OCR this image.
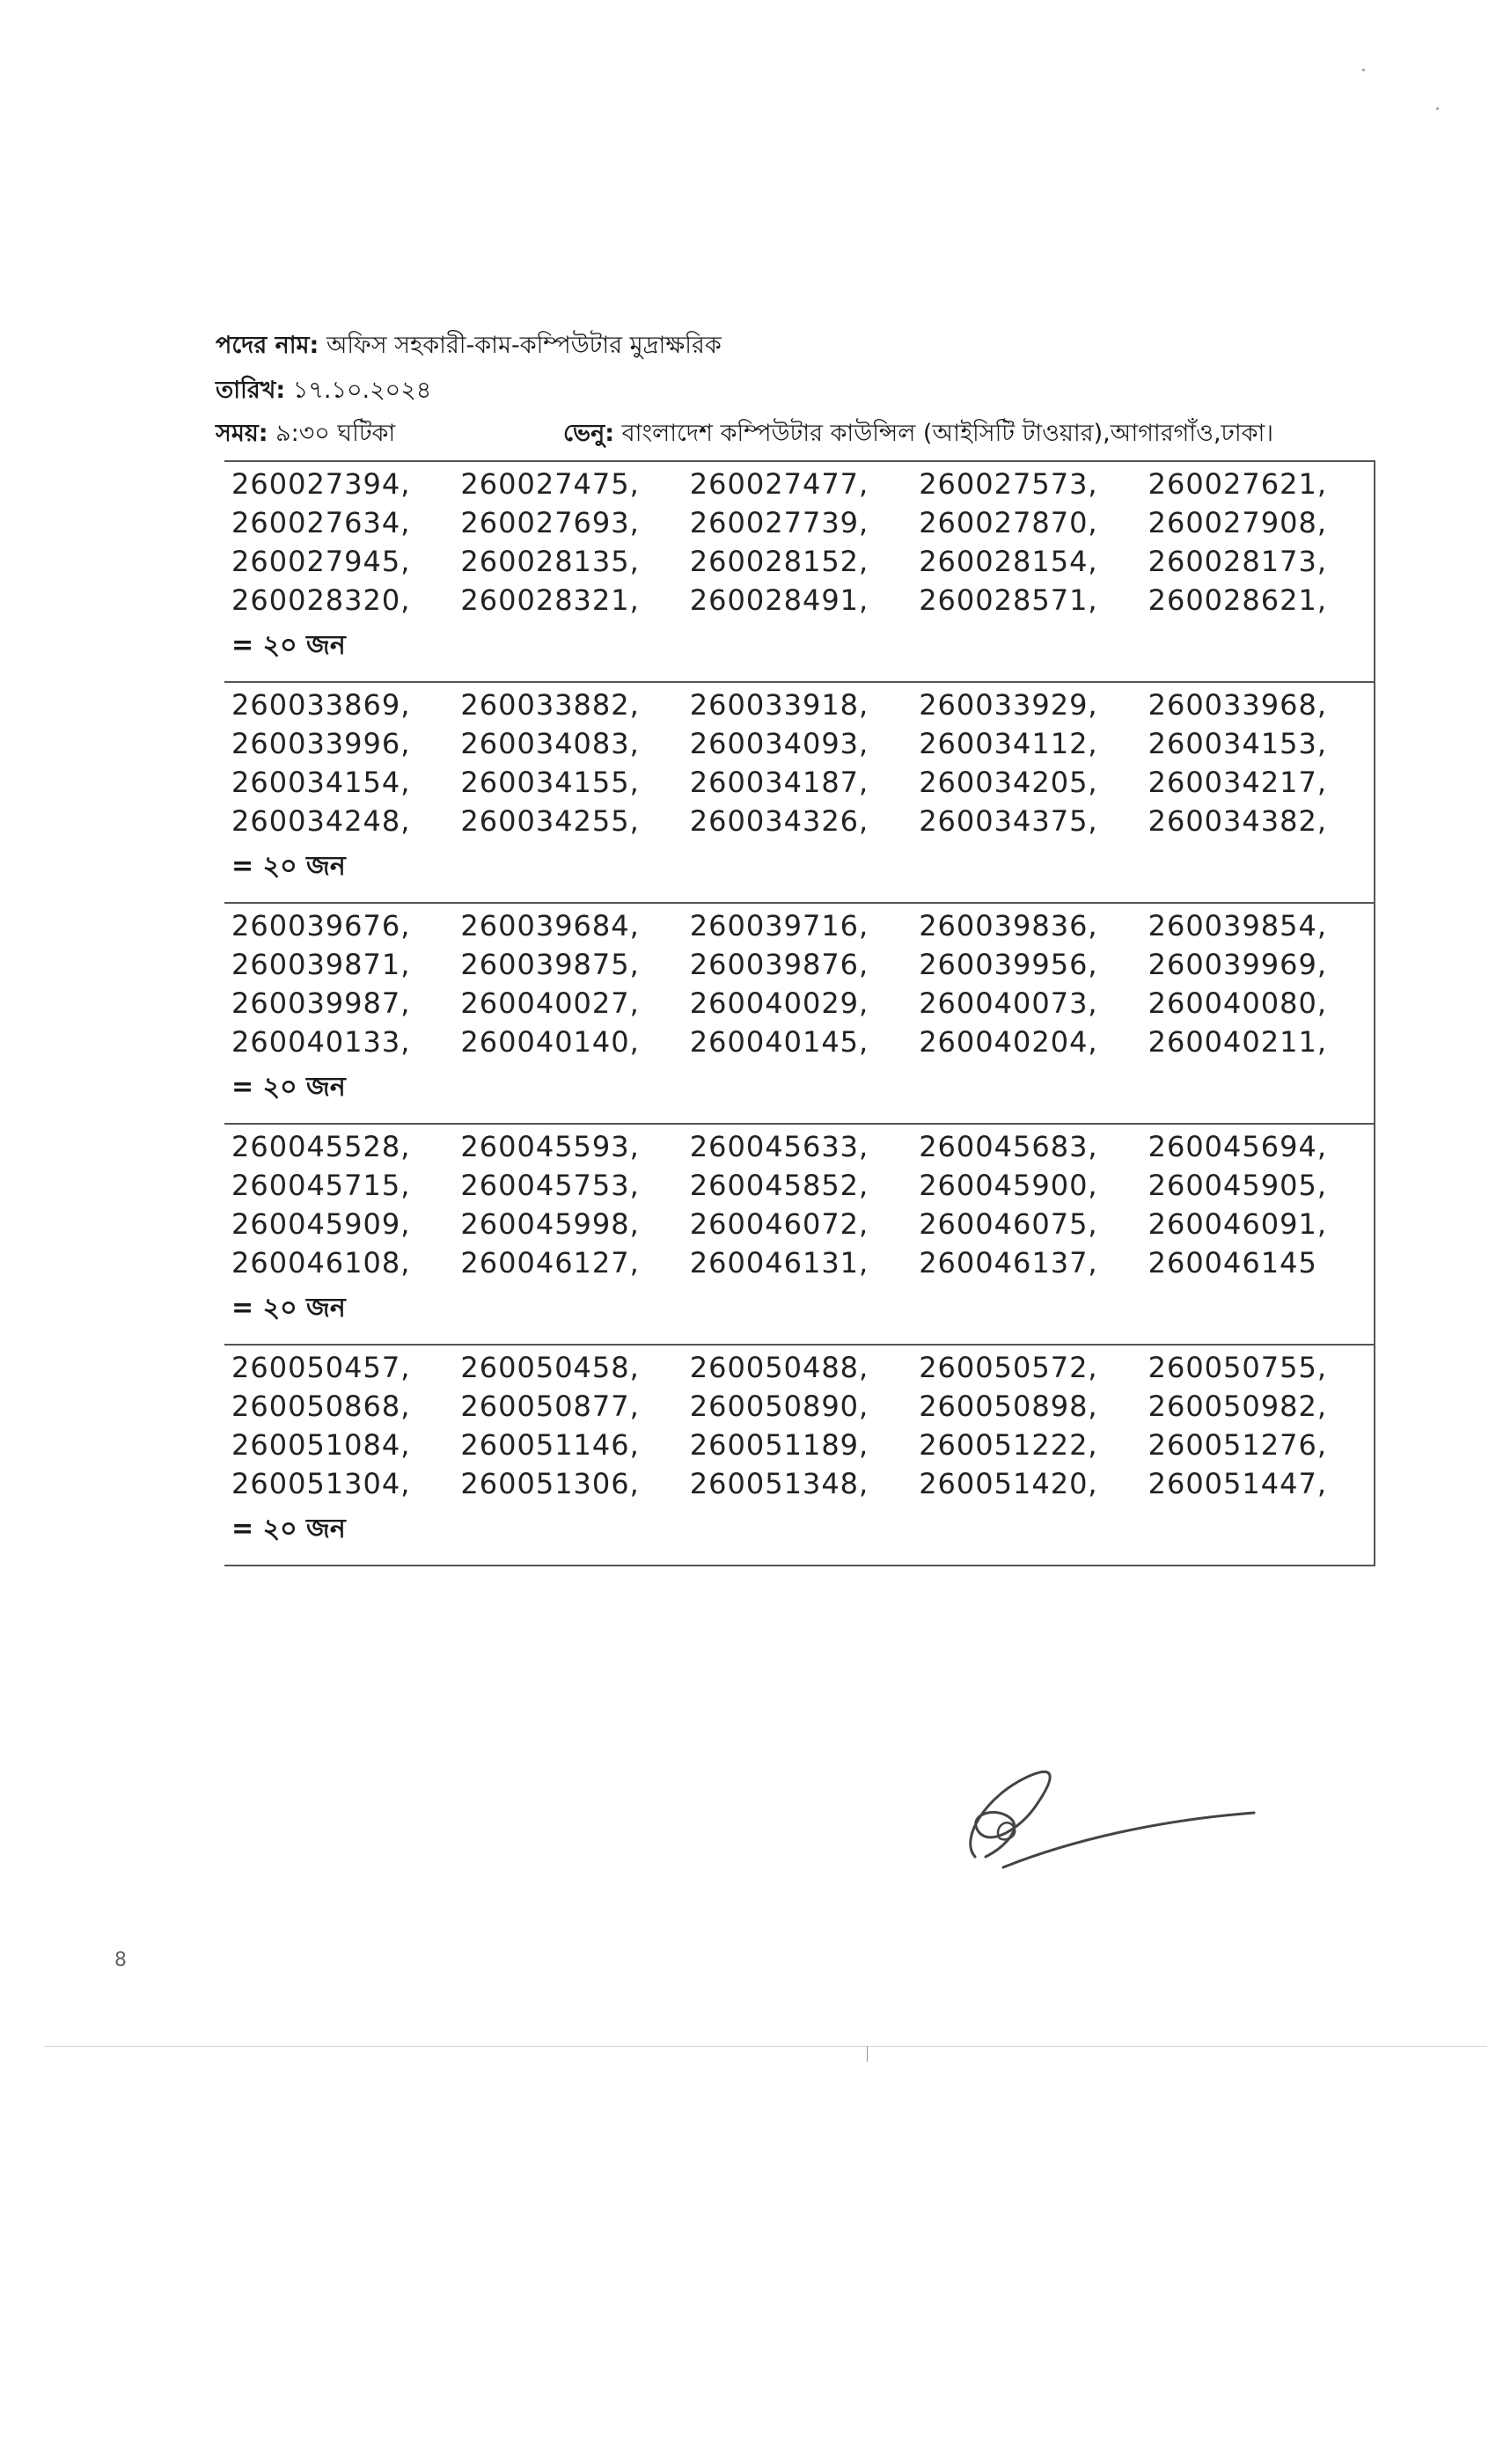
পদের নাম: অফিস সহকারী-কাম-কম্পিউটার মুদ্রাক্ষরিক
তারিখ: ১৭.১০.২০২৪
সময়: ৯:৩০ ঘটিকা	ভেনু: বাংলাদেশ কম্পিউটার কাউন্সিল (আইসিটি টাওয়ার),আগারগাঁও,ঢাকা।
260027394,	260027475,	260027477,	260027573,	260027621,
260027634,	260027693,	260027739,	260027870,	260027908,
260027945,	260028135,	260028152,	260028154,	260028173,
260028320,	260028321,	260028491,	260028571,	260028621,
= ২০ জন

260033869,	260033882,	260033918,	260033929,	260033968,
260033996,	260034083,	260034093,	260034112,	260034153,
260034154,	260034155,	260034187,	260034205,	260034217,
260034248,	260034255,	260034326,	260034375,	260034382,
= ২০ জন

260039676,	260039684,	260039716,	260039836,	260039854,
260039871,	260039875,	260039876,	260039956,	260039969,
260039987,	260040027,	260040029,	260040073,	260040080,
260040133,	260040140,	260040145,	260040204,	260040211,
= ২০ জন

260045528,	260045593,	260045633,	260045683,	260045694,
260045715,	260045753,	260045852,	260045900,	260045905,
260045909,	260045998,	260046072,	260046075,	260046091,
260046108,	260046127,	260046131,	260046137,	260046145
= ২০ জন

260050457,	260050458,	260050488,	260050572,	260050755,
260050868,	260050877,	260050890,	260050898,	260050982,
260051084,	260051146,	260051189,	260051222,	260051276,
260051304,	260051306,	260051348,	260051420,	260051447,
= ২০ জন
8
